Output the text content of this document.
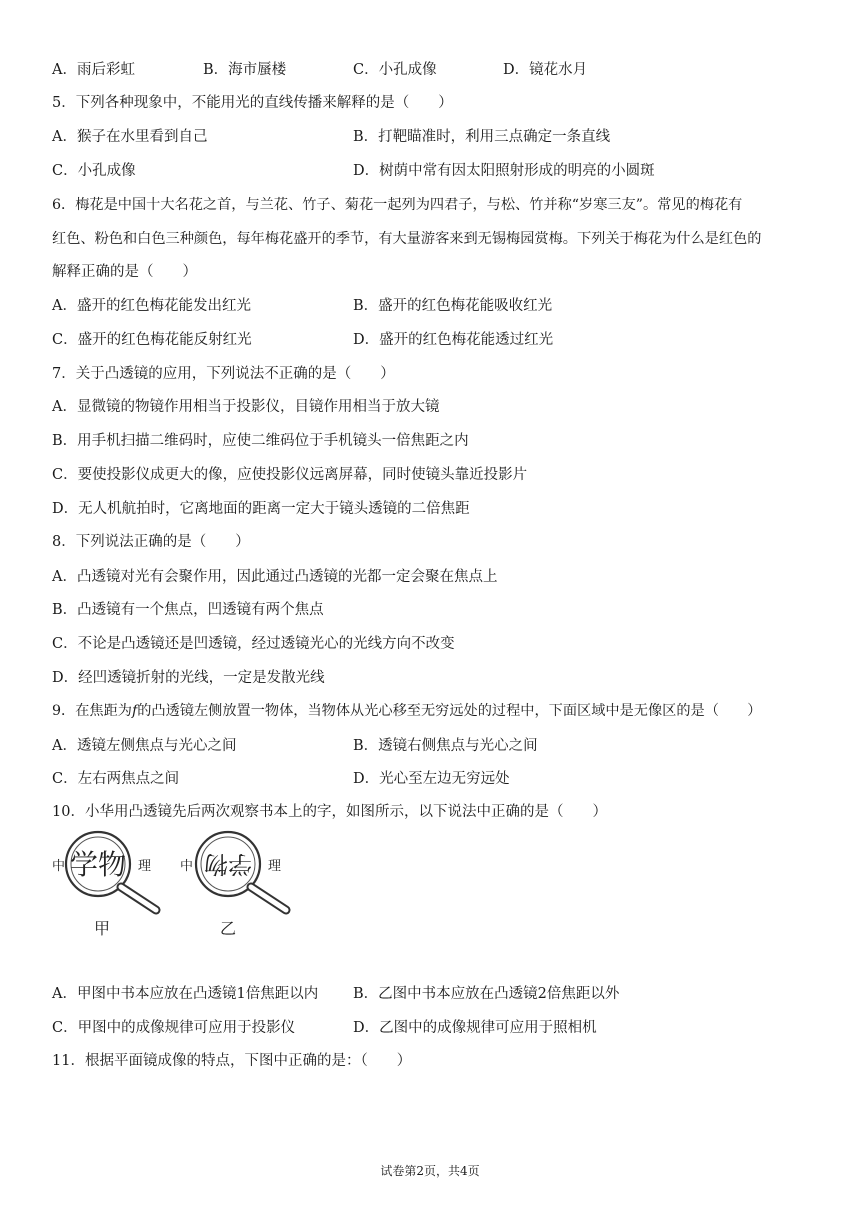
A．雨后彩虹	B．海市蜃楼	C．小孔成像	D．镜花水月
5．下列各种现象中，不能用光的直线传播来解释的是（　　）
A．猴子在水里看到自己	B．打靶瞄准时，利用三点确定一条直线
C．小孔成像	D．树荫中常有因太阳照射形成的明亮的小圆斑
6．梅花是中国十大名花之首，与兰花、竹子、菊花一起列为四君子，与松、竹并称“岁寒三友”。常见的梅花有
红色、粉色和白色三种颜色，每年梅花盛开的季节，有大量游客来到无锡梅园赏梅。下列关于梅花为什么是红色的
解释正确的是（　　）
A．盛开的红色梅花能发出红光	B．盛开的红色梅花能吸收红光
C．盛开的红色梅花能反射红光	D．盛开的红色梅花能透过红光
7．关于凸透镜的应用，下列说法不正确的是（　　）
A．显微镜的物镜作用相当于投影仪，目镜作用相当于放大镜
B．用手机扫描二维码时，应使二维码位于手机镜头一倍焦距之内
C．要使投影仪成更大的像，应使投影仪远离屏幕，同时使镜头靠近投影片
D．无人机航拍时，它离地面的距离一定大于镜头透镜的二倍焦距
8．下列说法正确的是（　　）
A．凸透镜对光有会聚作用，因此通过凸透镜的光都一定会聚在焦点上
B．凸透镜有一个焦点，凹透镜有两个焦点
C．不论是凸透镜还是凹透镜，经过透镜光心的光线方向不改变
D．经凹透镜折射的光线，一定是发散光线
9．在焦距为f的凸透镜左侧放置一物体，当物体从光心移至无穷远处的过程中，下面区域中是无像区的是（　　）
A．透镜左侧焦点与光心之间	B．透镜右侧焦点与光心之间
C．左右两焦点之间	D．光心至左边无穷远处
10．小华用凸透镜先后两次观察书本上的字，如图所示，以下说法中正确的是（　　）
中 学物 理
甲
中 学物 理
乙
A．甲图中书本应放在凸透镜1倍焦距以内 B．乙图中书本应放在凸透镜2倍焦距以外
C．甲图中的成像规律可应用于投影仪	D．乙图中的成像规律可应用于照相机
11．根据平面镜成像的特点，下图中正确的是：（　　）
试卷第2页，共4页
